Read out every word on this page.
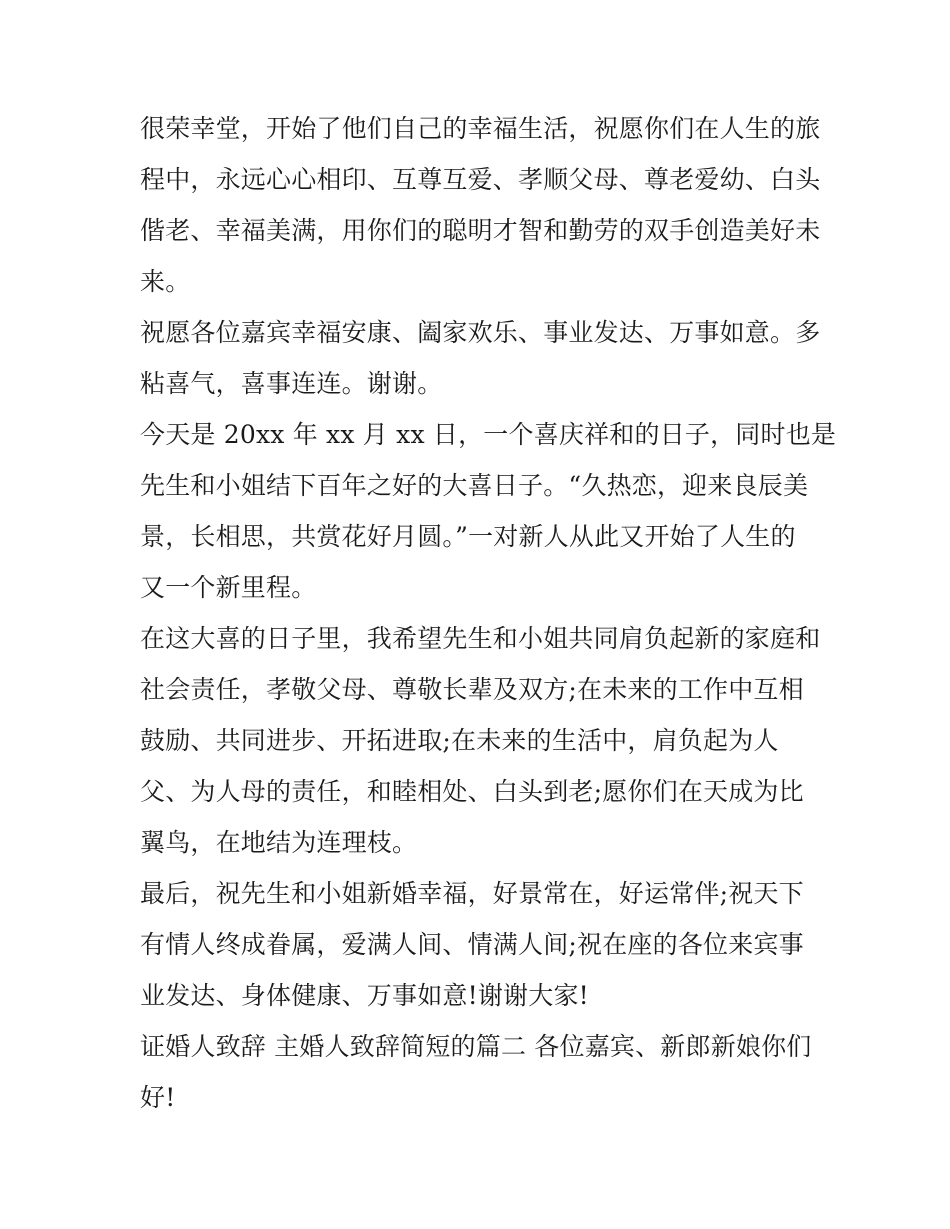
很荣幸堂，开始了他们自己的幸福生活，祝愿你们在人生的旅
程中，永远心心相印、互尊互爱、孝顺父母、尊老爱幼、白头
偕老、幸福美满，用你们的聪明才智和勤劳的双手创造美好未
来。
祝愿各位嘉宾幸福安康、阖家欢乐、事业发达、万事如意。多
粘喜气，喜事连连。谢谢。
今天是 20xx 年 xx 月 xx 日，一个喜庆祥和的日子，同时也是
先生和小姐结下百年之好的大喜日子。“久热恋，迎来良辰美
景，长相思，共赏花好月圆。”一对新人从此又开始了人生的
又一个新里程。
在这大喜的日子里，我希望先生和小姐共同肩负起新的家庭和
社会责任，孝敬父母、尊敬长辈及双方;在未来的工作中互相
鼓励、共同进步、开拓进取;在未来的生活中，肩负起为人
父、为人母的责任，和睦相处、白头到老;愿你们在天成为比
翼鸟，在地结为连理枝。
最后，祝先生和小姐新婚幸福，好景常在，好运常伴;祝天下
有情人终成眷属，爱满人间、情满人间;祝在座的各位来宾事
业发达、身体健康、万事如意!谢谢大家!
证婚人致辞 主婚人致辞简短的篇二 各位嘉宾、新郎新娘你们
好!
